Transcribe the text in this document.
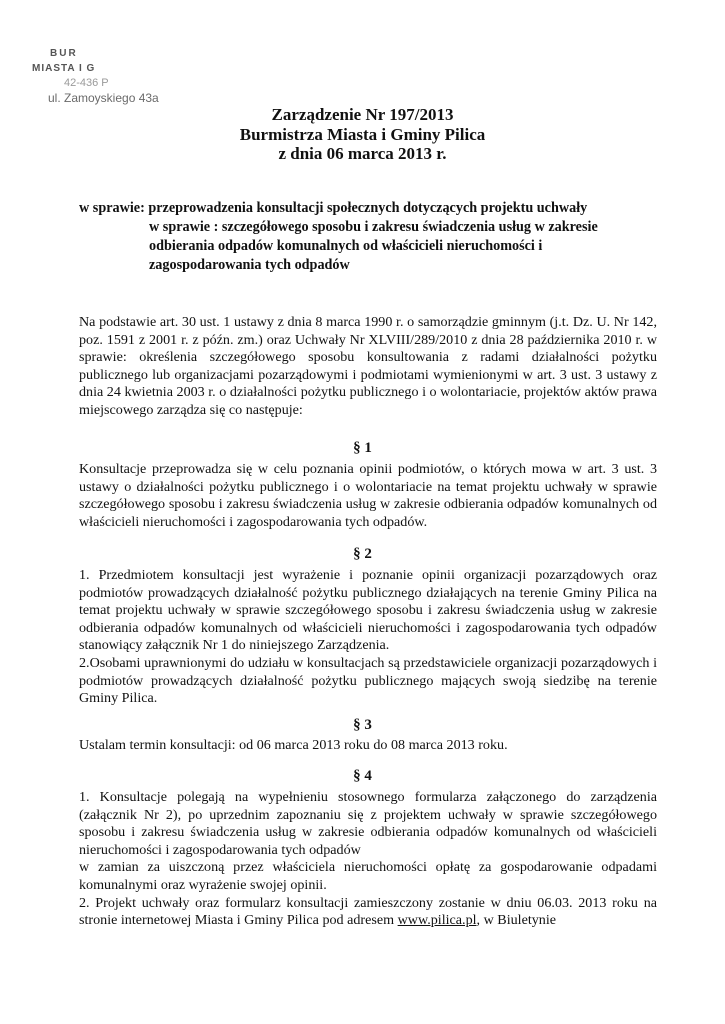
BUR
MIASTA I G
42-436 P
ul. Zamoyskiego 43a
Zarządzenie Nr 197/2013
Burmistrza Miasta i Gminy Pilica
z dnia 06 marca 2013 r.
w sprawie: przeprowadzenia konsultacji społecznych dotyczących projektu uchwały
w sprawie : szczegółowego sposobu i zakresu świadczenia usług w zakresie
odbierania odpadów komunalnych od właścicieli nieruchomości i
zagospodarowania tych odpadów

Na podstawie art. 30 ust. 1 ustawy z dnia 8 marca 1990 r. o samorządzie gminnym (j.t. Dz. U. Nr 142, poz. 1591 z 2001 r. z późn. zm.) oraz Uchwały Nr XLVIII/289/2010 z dnia 28 października 2010 r. w sprawie: określenia szczegółowego sposobu konsultowania z radami działalności pożytku publicznego lub organizacjami pozarządowymi i podmiotami wymienionymi w art. 3 ust. 3 ustawy z dnia 24 kwietnia 2003 r. o działalności pożytku publicznego i o wolontariacie, projektów aktów prawa miejscowego zarządza się co następuje:

§ 1

Konsultacje przeprowadza się w celu poznania opinii podmiotów, o których mowa w art. 3 ust. 3 ustawy o działalności pożytku publicznego i o wolontariacie na temat projektu uchwały w sprawie szczegółowego sposobu i zakresu świadczenia usług w zakresie odbierania odpadów komunalnych od właścicieli nieruchomości i zagospodarowania tych odpadów.

§ 2

1. Przedmiotem konsultacji jest wyrażenie i poznanie opinii organizacji pozarządowych oraz podmiotów prowadzących działalność pożytku publicznego działających na terenie Gminy Pilica na temat projektu uchwały w sprawie szczegółowego sposobu i zakresu świadczenia usług w zakresie odbierania odpadów komunalnych od właścicieli nieruchomości i zagospodarowania tych odpadów stanowiący załącznik Nr 1 do niniejszego Zarządzenia.

2.Osobami uprawnionymi do udziału w konsultacjach są przedstawiciele organizacji pozarządowych i podmiotów prowadzących działalność pożytku publicznego mających swoją siedzibę na terenie Gminy Pilica.

§ 3

Ustalam termin konsultacji: od 06 marca 2013 roku do 08 marca 2013 roku.

§ 4

1. Konsultacje polegają na wypełnieniu stosownego formularza załączonego do zarządzenia (załącznik Nr 2), po uprzednim zapoznaniu się z projektem uchwały w sprawie szczegółowego sposobu i zakresu świadczenia usług w zakresie odbierania odpadów komunalnych od właścicieli nieruchomości i zagospodarowania tych odpadów

w zamian za uiszczoną przez właściciela nieruchomości opłatę za gospodarowanie odpadami komunalnymi oraz wyrażenie swojej opinii.

2. Projekt uchwały oraz formularz konsultacji zamieszczony zostanie w dniu 06.03. 2013 roku na stronie internetowej Miasta i Gminy Pilica pod adresem www.pilica.pl, w Biuletynie
